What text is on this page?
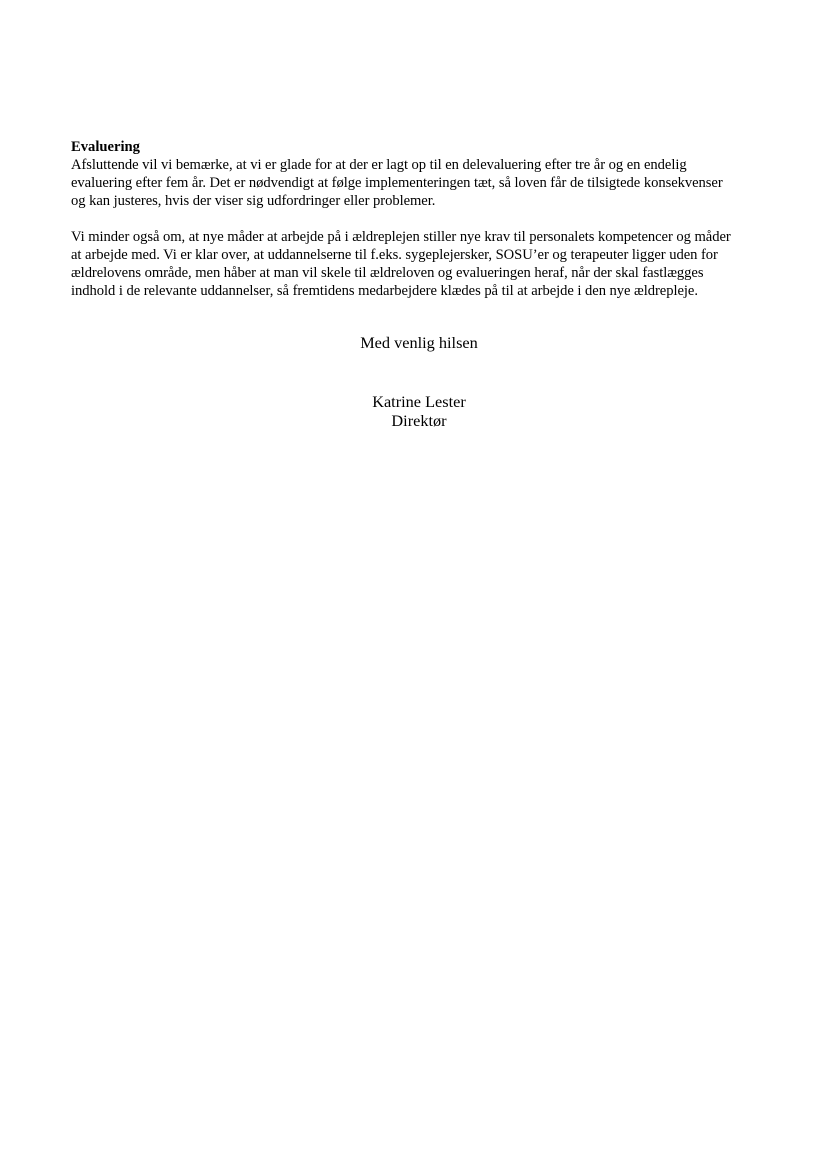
Evaluering
Afsluttende vil vi bemærke, at vi er glade for at der er lagt op til en delevaluering efter tre år og en endelig
evaluering efter fem år. Det er nødvendigt at følge implementeringen tæt, så loven får de tilsigtede konsekvenser
og kan justeres, hvis der viser sig udfordringer eller problemer.
Vi minder også om, at nye måder at arbejde på i ældreplejen stiller nye krav til personalets kompetencer og måder
at arbejde med. Vi er klar over, at uddannelserne til f.eks. sygeplejersker, SOSU’er og terapeuter ligger uden for
ældrelovens område, men håber at man vil skele til ældreloven og evalueringen heraf, når der skal fastlægges
indhold i de relevante uddannelser, så fremtidens medarbejdere klædes på til at arbejde i den nye ældrepleje.
Med venlig hilsen
Katrine Lester
Direktør
